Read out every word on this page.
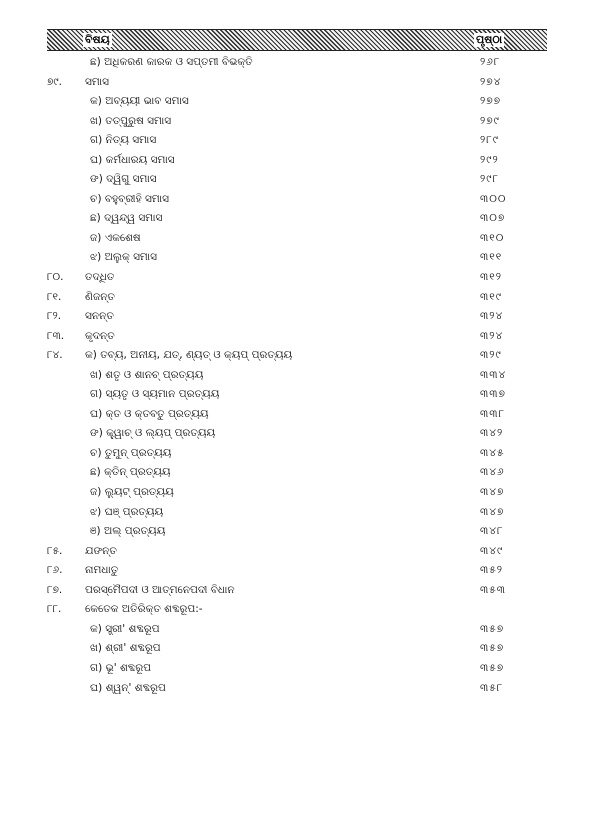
ବିଷୟ	ପୃଷ୍ଠା
ଛ) ଅଧିକରଣ କାରକ ଓ ସପ୍ତମୀ ବିଭକ୍ତି	୨୬୮
୭୯. ସମାସ	୨୭୪
କ) ଅବ୍ୟୟୀ ଭାବ ସମାସ	୨୭୭
ଖ) ତତ୍ପୁରୁଷ ସମାସ	୨୭୯
ଗ) ନିତ୍ୟ ସମାସ	୨୮୯
ଘ) କର୍ମଧାରୟ ସମାସ	୨୯୨
ଙ) ଦ୍ୱିଗୁ ସମାସ	୨୯୮
ଚ) ବହୁବ୍ରୀହି ସମାସ	୩୦୦
ଛ) ଦ୍ୱନ୍ଦ୍ୱ ସମାସ	୩୦୭
ଜ) ଏକଶେଷ	୩୧୦
ଝ) ଅଲୁକ୍ ସମାସ	୩୧୧
୮୦. ତଦ୍ଧିତ	୩୧୨
୮୧. ଣିଜନ୍ତ	୩୧୯
୮୨. ସନନ୍ତ	୩୨୪
୮୩. କୃଦନ୍ତ	୩୨୪
୮୪. କ) ତବ୍ୟ, ଅନୀୟ, ଯତ୍, ଣ୍ୟତ୍ ଓ କ୍ୟପ୍ ପ୍ରତ୍ୟୟ	୩୨୯
ଖ) ଶତୃ ଓ ଶାନଚ୍ ପ୍ରତ୍ୟୟ	୩୩୪
ଗ) ସ୍ୟତୃ ଓ ସ୍ୟମାନ ପ୍ରତ୍ୟୟ	୩୩୭
ଘ) କ୍ତ ଓ କ୍ତବତୁ ପ୍ରତ୍ୟୟ	୩୩୮
ଙ) କ୍ତ୍ୱାଚ୍ ଓ ଲ୍ୟପ୍ ପ୍ରତ୍ୟୟ	୩୪୨
ଚ) ତୁମୁନ୍ ପ୍ରତ୍ୟୟ	୩୪୫
ଛ) କ୍ତିନ୍ ପ୍ରତ୍ୟୟ	୩୪୬
ଜ) ଲ୍ୟୁଟ୍ ପ୍ରତ୍ୟୟ	୩୪୭
ଝ) ଘଞ୍ ପ୍ରତ୍ୟୟ	୩୪୭
ଞ) ଅଲ୍ ପ୍ରତ୍ୟୟ	୩୪୮
୮୫. ଯଙନ୍ତ	୩୪୯
୮୬. ନାମଧାତୁ	୩୫୨
୮୭. ପରସ୍ମୈପଦୀ ଓ ଆତ୍ମନେପଦୀ ବିଧାନ	୩୫୩
୮୮. କେତେକ ଅତିରିକ୍ତ ଶବ୍ଦରୂପ:-
କ) ସ୍ତ୍ରୀ' ଶବ୍ଦରୂପ	୩୫୭
ଖ) ଶ୍ରୀ' ଶବ୍ଦରୂପ	୩୫୭
ଗ) ଭୂ' ଶବ୍ଦରୂପ	୩୫୭
ଘ) ଶ୍ୱନ୍' ଶବ୍ଦରୂପ	୩୫୮
